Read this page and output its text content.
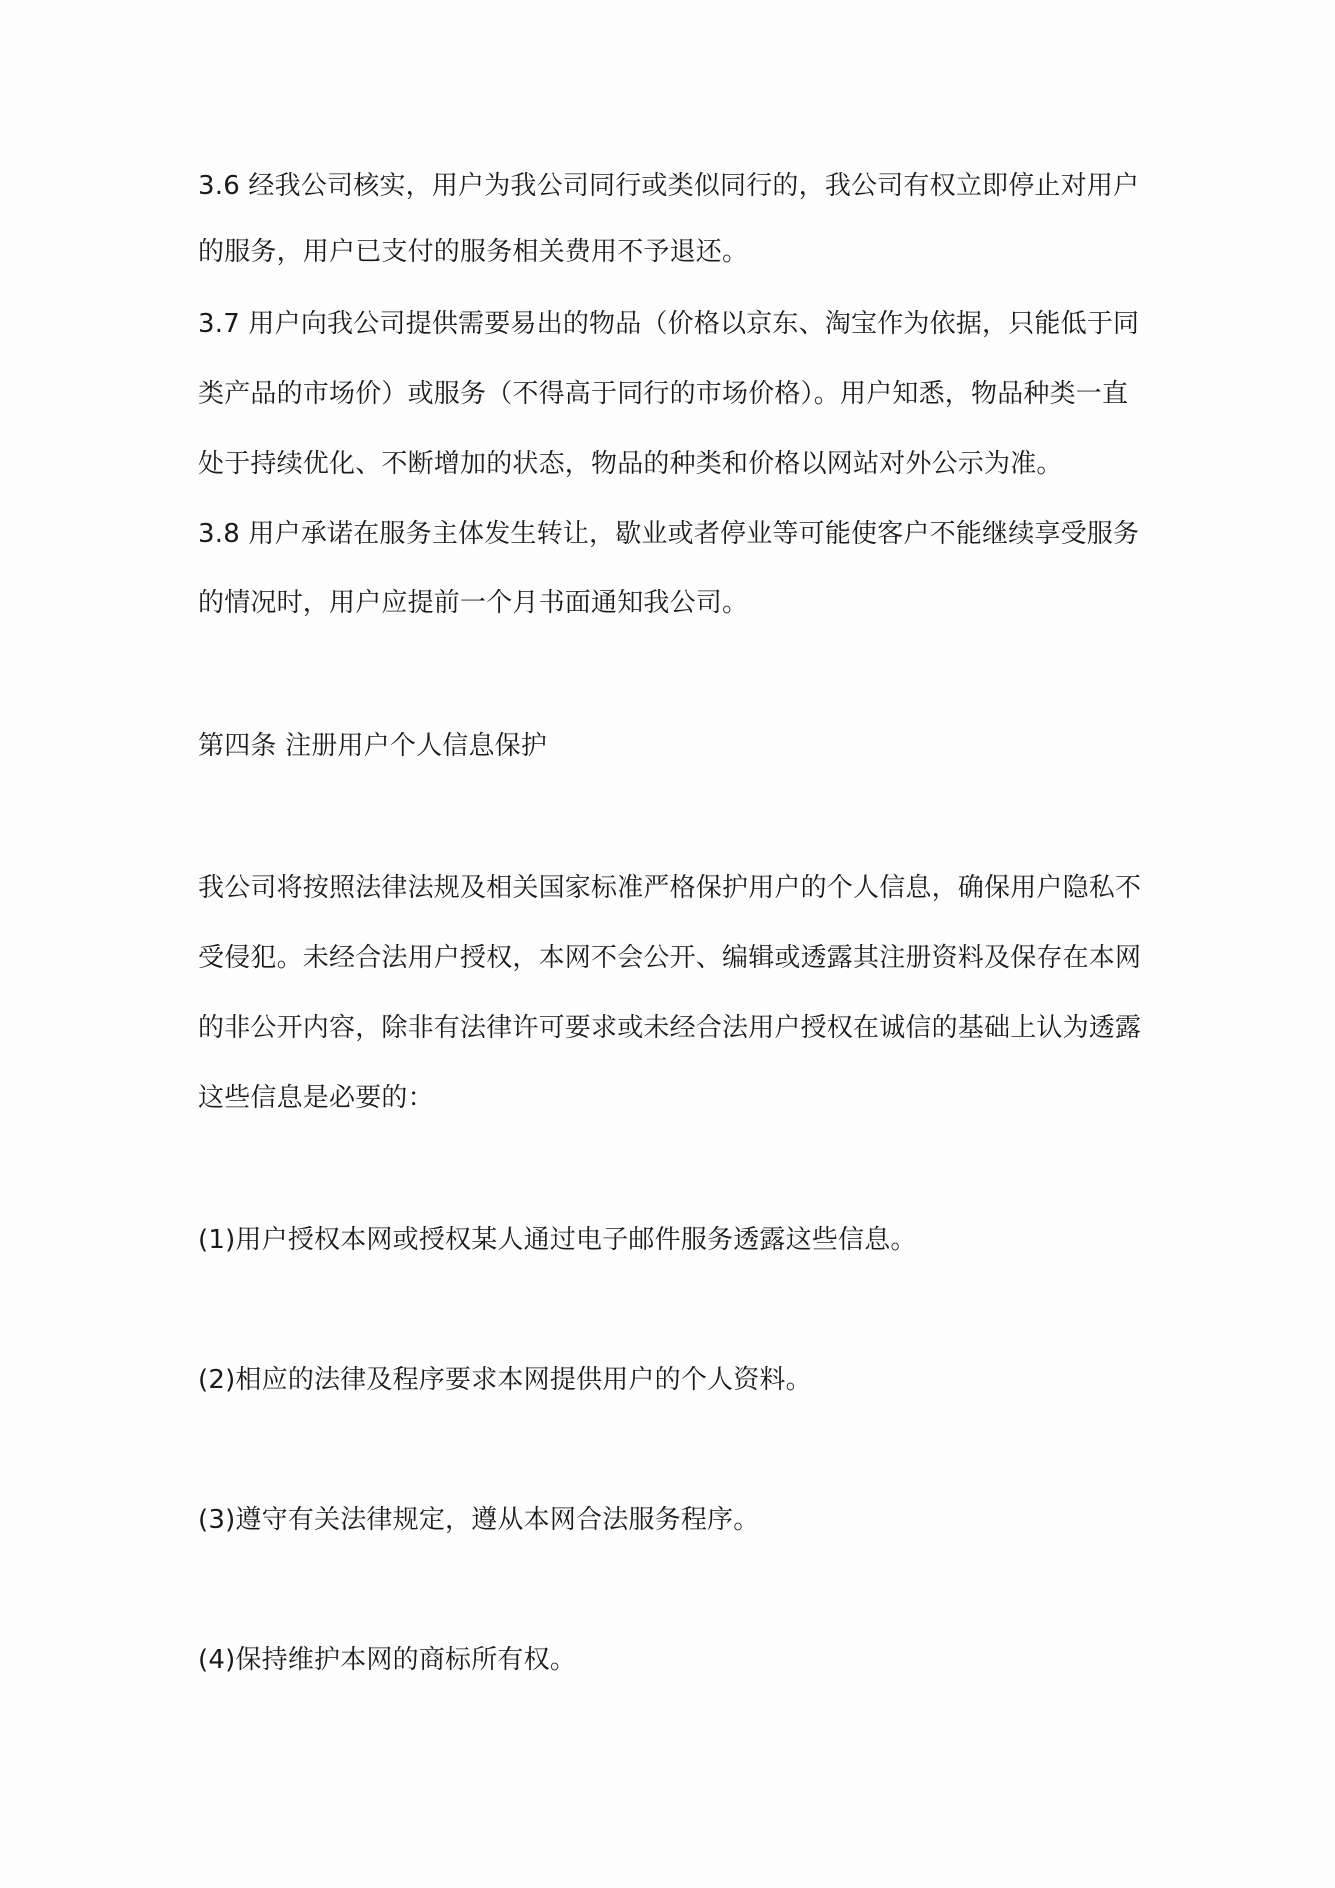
3.6 经我公司核实，用户为我公司同行或类似同行的，我公司有权立即停止对用户
的服务，用户已支付的服务相关费用不予退还。
3.7 用户向我公司提供需要易出的物品（价格以京东、淘宝作为依据，只能低于同
类产品的市场价）或服务（不得高于同行的市场价格）。用户知悉，物品种类一直
处于持续优化、不断增加的状态，物品的种类和价格以网站对外公示为准。
3.8 用户承诺在服务主体发生转让，歇业或者停业等可能使客户不能继续享受服务
的情况时，用户应提前一个月书面通知我公司。
第四条 注册用户个人信息保护
我公司将按照法律法规及相关国家标准严格保护用户的个人信息，确保用户隐私不
受侵犯。未经合法用户授权，本网不会公开、编辑或透露其注册资料及保存在本网
的非公开内容，除非有法律许可要求或未经合法用户授权在诚信的基础上认为透露
这些信息是必要的：
(1)用户授权本网或授权某人通过电子邮件服务透露这些信息。
(2)相应的法律及程序要求本网提供用户的个人资料。
(3)遵守有关法律规定，遵从本网合法服务程序。
(4)保持维护本网的商标所有权。
